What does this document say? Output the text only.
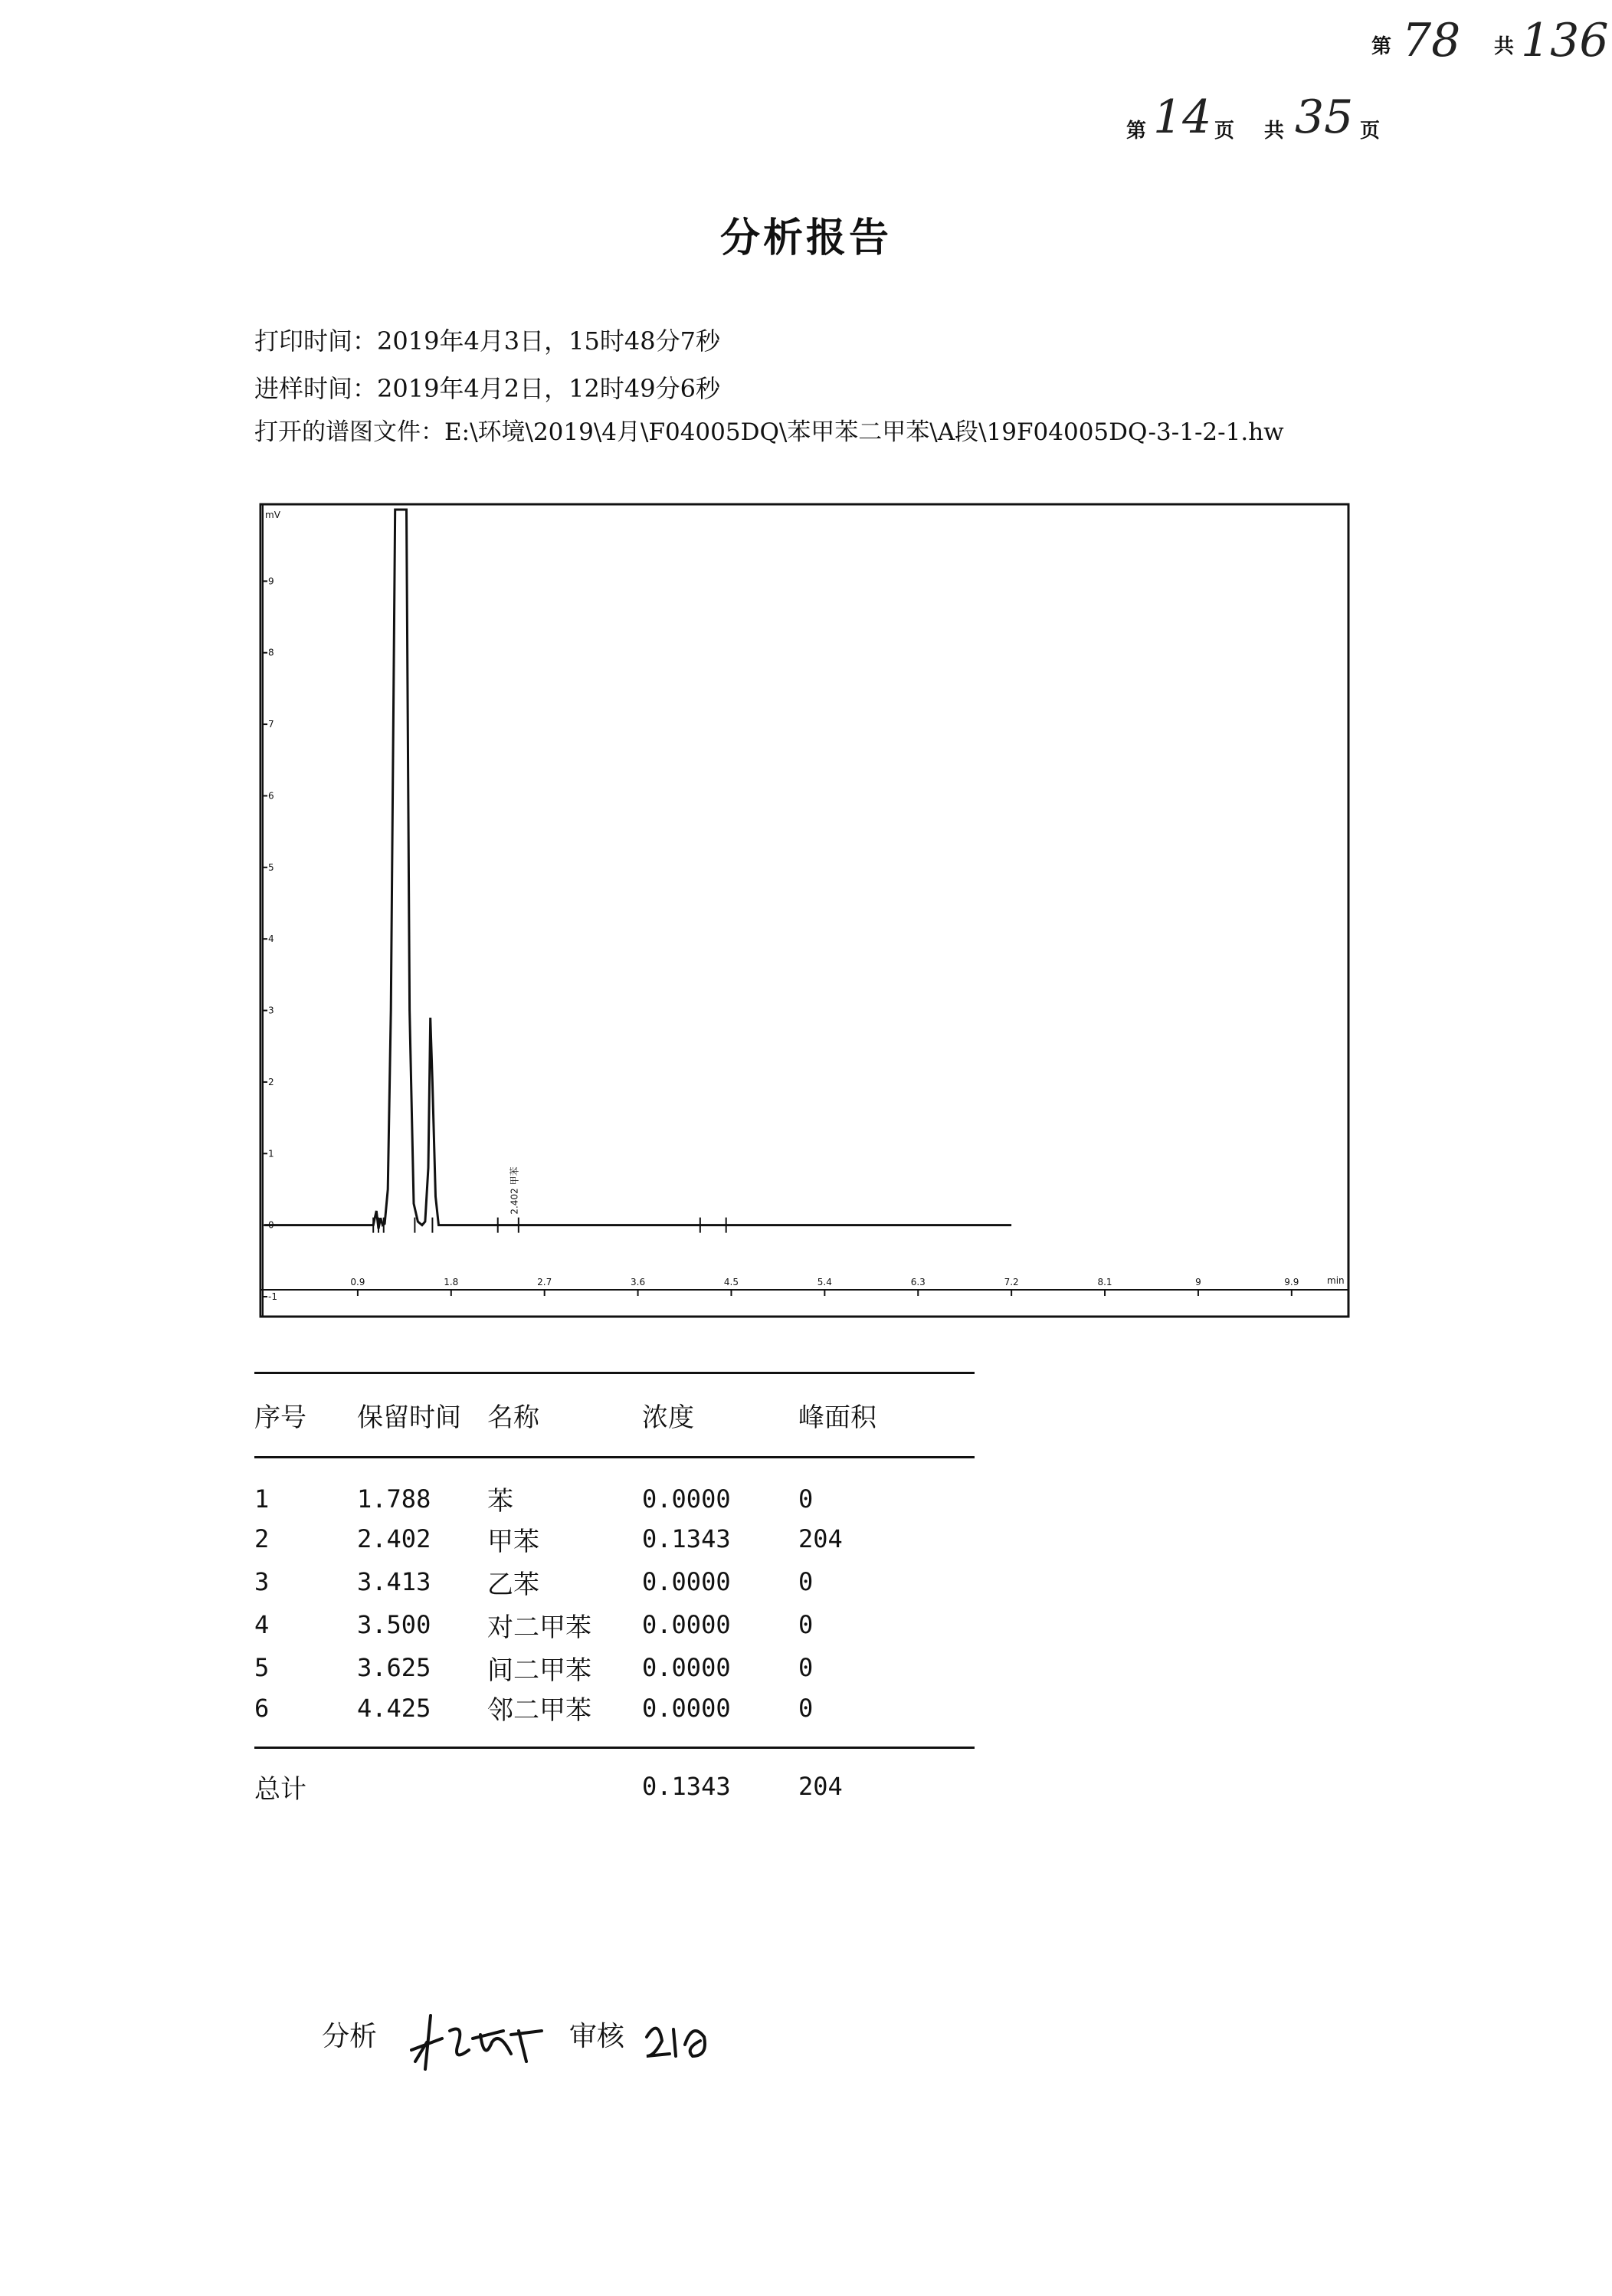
第 78 共 136
第 14 页 共 35 页
分析报告
打印时间：2019年4月3日，15时48分7秒
进样时间：2019年4月2日，12时49分6秒
打开的谱图文件：E:\环境\2019\4月\F04005DQ\苯甲苯二甲苯\A段\19F04005DQ-3-1-2-1.hw
mV
9
8
7
6
5
4
3
2
1
0
-1
0.9	1.8	2.7	3.6	4.5	5.4	6.3	7.2	8.1	9	9.9	min
2.402 甲苯
序号	保留时间	名称	浓度	峰面积
1	1.788	苯	0.0000	0
2	2.402	甲苯	0.1343	204
3	3.413	乙苯	0.0000	0
4	3.500	对二甲苯	0.0000	0
5	3.625	间二甲苯	0.0000	0
6	4.425	邻二甲苯	0.0000	0
总计			0.1343	204
分析	审核
